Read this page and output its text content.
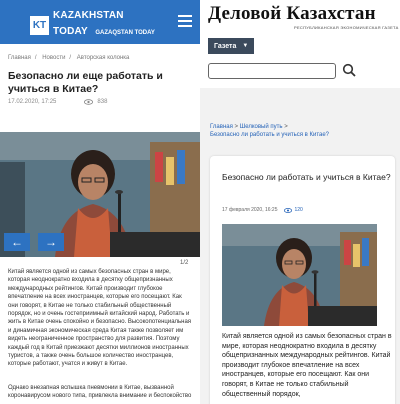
KT
KAZAKHSTAN
TODAY GAZAQSTAN TODAY
Главная / Новости / Авторская колонка
Безопасно ли еще работать и учиться в Китае?
17.02.2020, 17:25	838
←	→
1/2
Китай является одной из самых безопасных стран в мире, которая неоднократно входила в десятку общепризнанных международных рейтингов. Китай производит глубокое впечатление на всех иностранцев, которые его посещают. Как они говорят, в Китае не только стабильный общественный порядок, но и очень гостеприимный китайский народ. Работать и жить в Китае очень спокойно и безопасно. Высокопотенциальная и динамичная экономическая среда Китая также позволяет им видеть неограниченное пространство для развития. Поэтому каждый год в Китай приезжают десятки миллионов иностранных туристов, а также очень большое количество иностранцев, которые работают, учатся и живут в Китае.
Однако внезапная вспышка пневмонии в Китае, вызванной коронавирусом нового типа, привлекла внимание и беспокойство
Деловой Казахстан
РЕСПУБЛИКАНСКАЯ ЭКОНОМИЧЕСКАЯ ГАЗЕТА
Газета ▼
Главная > Шелковый путь >
Безопасно ли работать и учиться в Китае?
Безопасно ли работать и учиться в Китае?
17 февраля 2020, 16:25	120
Китай является одной из самых безопасных стран в мире, которая неоднократно входила в десятку общепризнанных международных рейтингов. Китай производит глубокое впечатление на всех иностранцев, которые его посещают. Как они говорят, в Китае не только стабильный общественный порядок,
